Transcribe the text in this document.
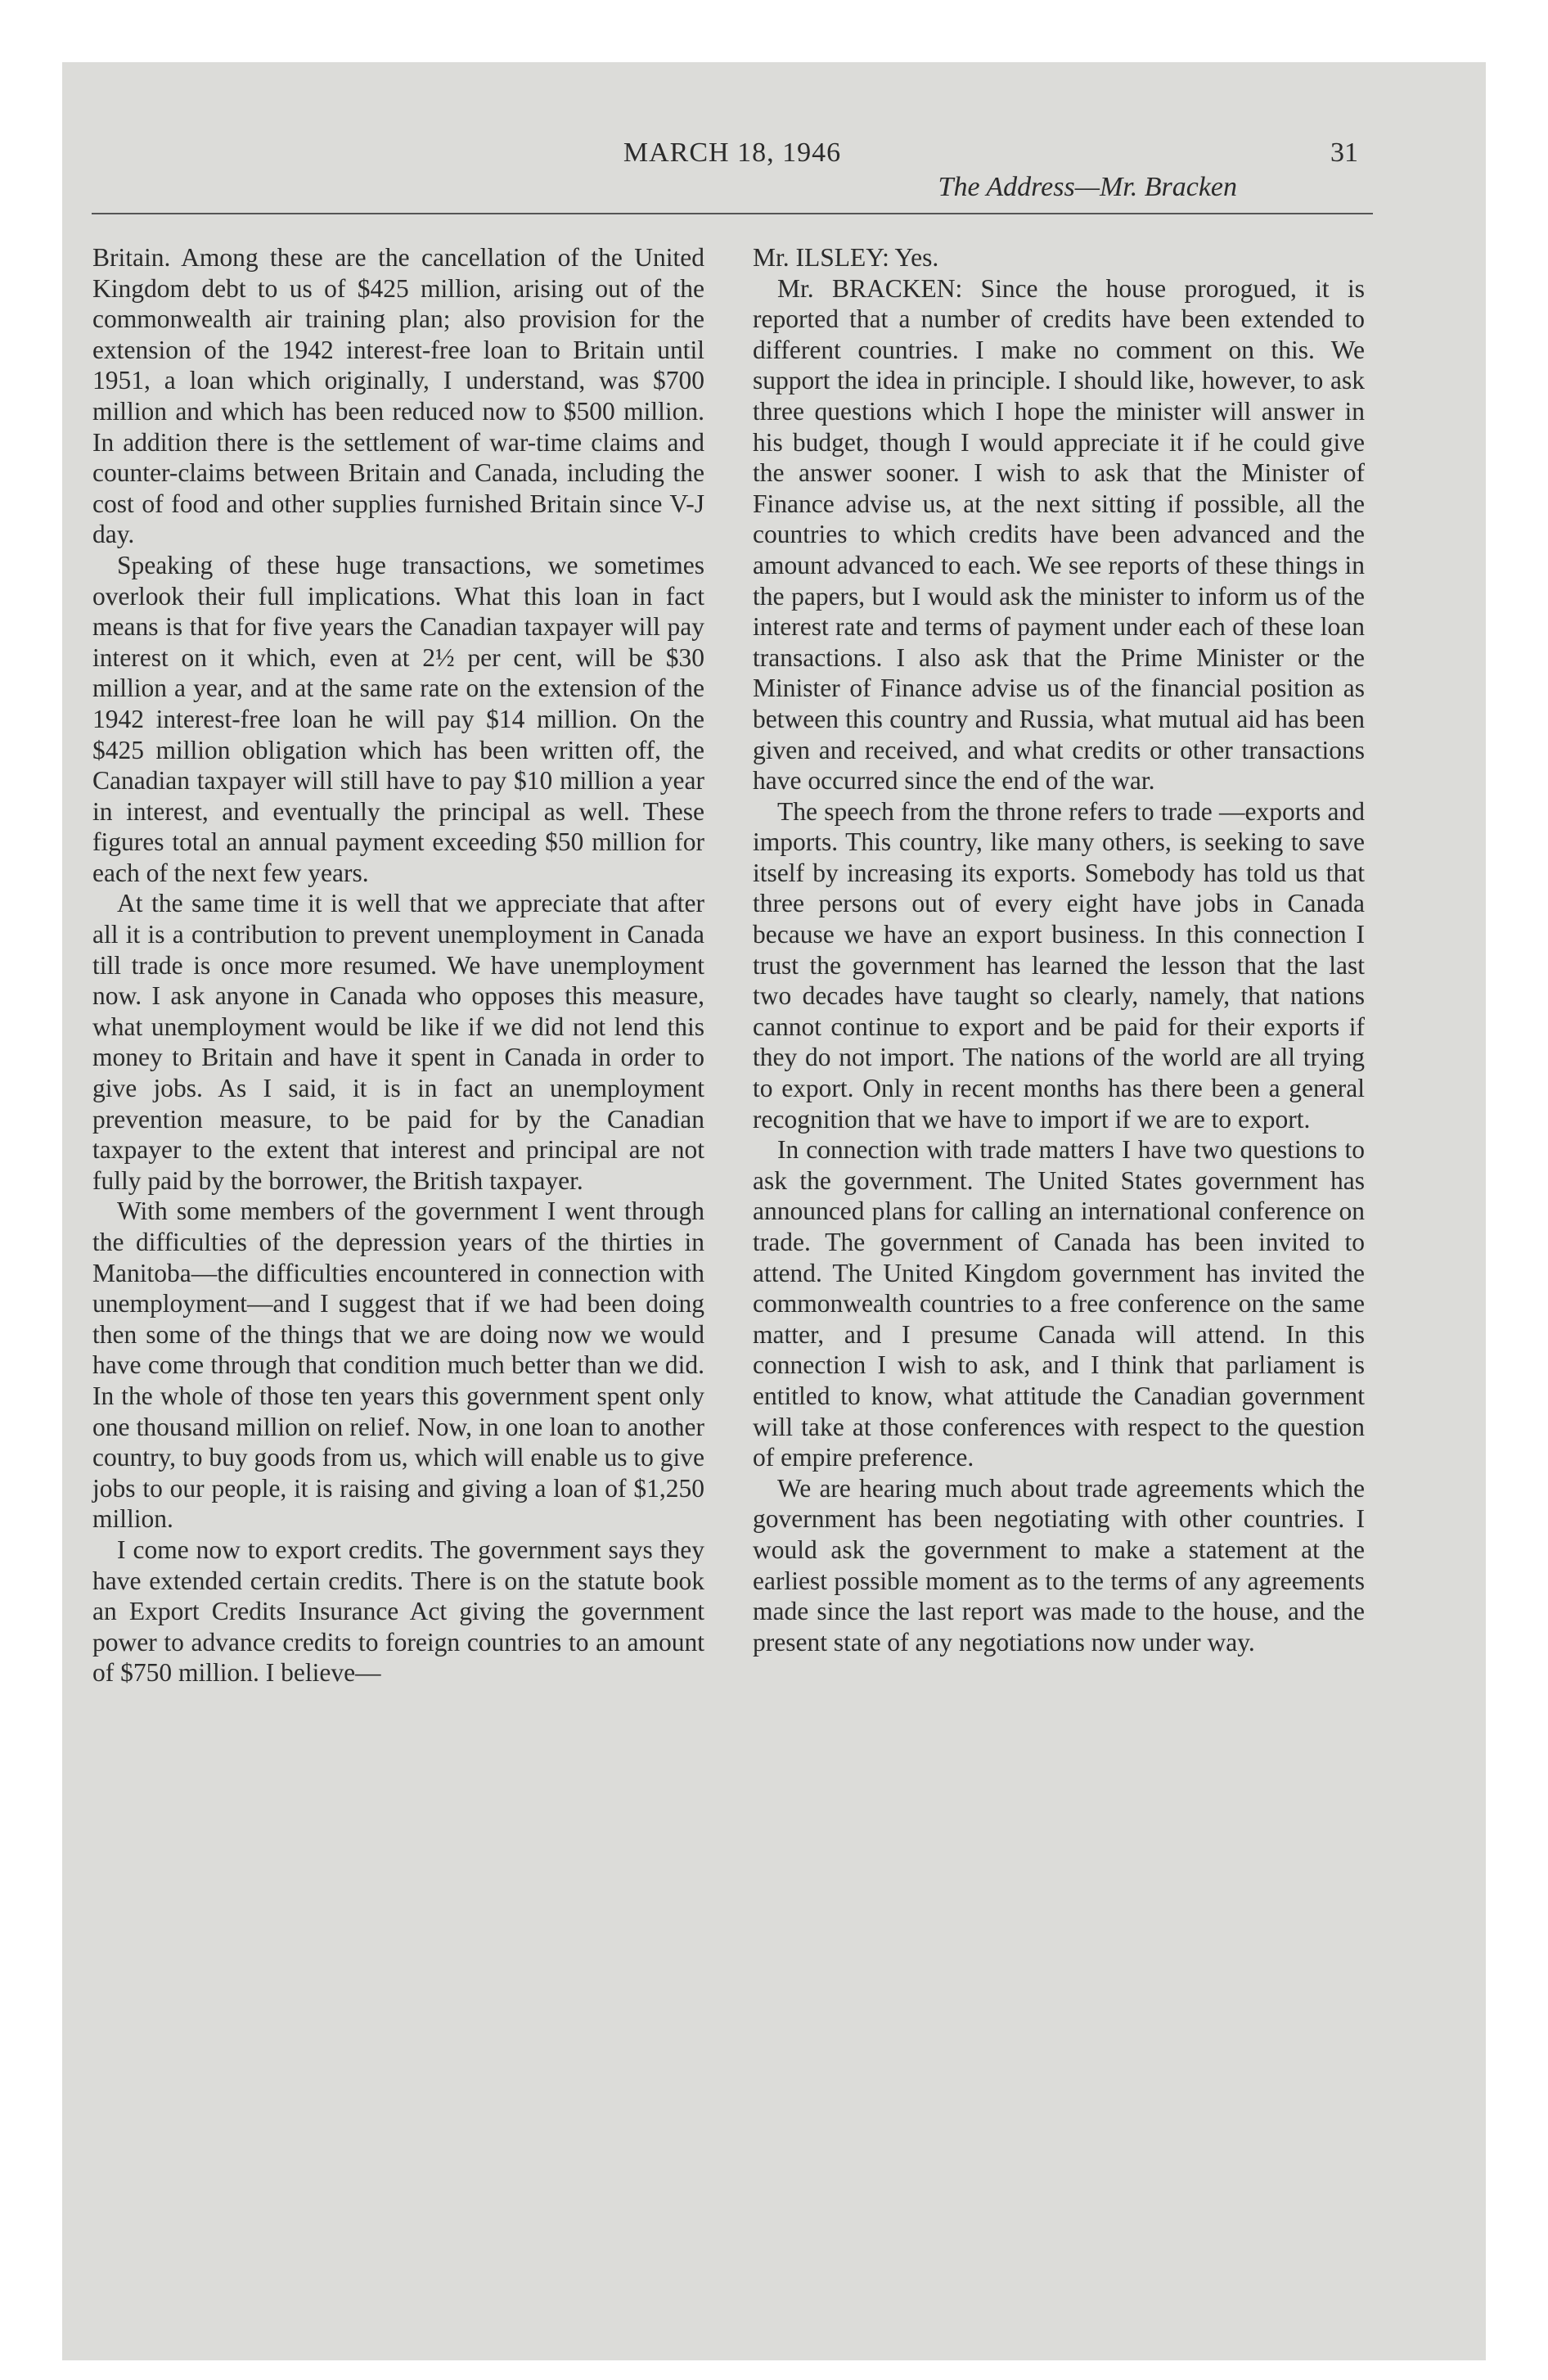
MARCH 18, 1946	31
The Address—Mr. Bracken

Britain. Among these are the cancellation of the United Kingdom debt to us of $425 million, arising out of the commonwealth air training plan; also provision for the extension of the 1942 interest-free loan to Britain until 1951, a loan which originally, I understand, was $700 million and which has been reduced now to $500 million. In addition there is the settlement of war-time claims and counter-claims between Britain and Canada, including the cost of food and other supplies furnished Britain since V-J day.

Speaking of these huge transactions, we sometimes overlook their full implications. What this loan in fact means is that for five years the Canadian taxpayer will pay interest on it which, even at 2½ per cent, will be $30 million a year, and at the same rate on the extension of the 1942 interest-free loan he will pay $14 million. On the $425 million obligation which has been written off, the Canadian taxpayer will still have to pay $10 million a year in interest, and eventually the principal as well. These figures total an annual payment exceeding $50 million for each of the next few years.

At the same time it is well that we appreciate that after all it is a contribution to prevent unemployment in Canada till trade is once more resumed. We have unemployment now. I ask anyone in Canada who opposes this measure, what unemployment would be like if we did not lend this money to Britain and have it spent in Canada in order to give jobs. As I said, it is in fact an unemployment prevention measure, to be paid for by the Canadian taxpayer to the extent that interest and principal are not fully paid by the borrower, the British taxpayer.

With some members of the government I went through the difficulties of the depression years of the thirties in Manitoba—the difficulties encountered in connection with unemployment—and I suggest that if we had been doing then some of the things that we are doing now we would have come through that condition much better than we did. In the whole of those ten years this government spent only one thousand million on relief. Now, in one loan to another country, to buy goods from us, which will enable us to give jobs to our people, it is raising and giving a loan of $1,250 million.

I come now to export credits. The government says they have extended certain credits. There is on the statute book an Export Credits Insurance Act giving the government power to advance credits to foreign countries to an amount of $750 million. I believe—

Mr. ILSLEY: Yes.

Mr. BRACKEN: Since the house prorogued, it is reported that a number of credits have been extended to different countries. I make no comment on this. We support the idea in principle. I should like, however, to ask three questions which I hope the minister will answer in his budget, though I would appreciate it if he could give the answer sooner. I wish to ask that the Minister of Finance advise us, at the next sitting if possible, all the countries to which credits have been advanced and the amount advanced to each. We see reports of these things in the papers, but I would ask the minister to inform us of the interest rate and terms of payment under each of these loan transactions. I also ask that the Prime Minister or the Minister of Finance advise us of the financial position as between this country and Russia, what mutual aid has been given and received, and what credits or other transactions have occurred since the end of the war.

The speech from the throne refers to trade —exports and imports. This country, like many others, is seeking to save itself by increasing its exports. Somebody has told us that three persons out of every eight have jobs in Canada because we have an export business. In this connection I trust the government has learned the lesson that the last two decades have taught so clearly, namely, that nations cannot continue to export and be paid for their exports if they do not import. The nations of the world are all trying to export. Only in recent months has there been a general recognition that we have to import if we are to export.

In connection with trade matters I have two questions to ask the government. The United States government has announced plans for calling an international conference on trade. The government of Canada has been invited to attend. The United Kingdom government has invited the commonwealth countries to a free conference on the same matter, and I presume Canada will attend. In this connection I wish to ask, and I think that parliament is entitled to know, what attitude the Canadian government will take at those conferences with respect to the question of empire preference.

We are hearing much about trade agreements which the government has been negotiating with other countries. I would ask the government to make a statement at the earliest possible moment as to the terms of any agreements made since the last report was made to the house, and the present state of any negotiations now under way.
